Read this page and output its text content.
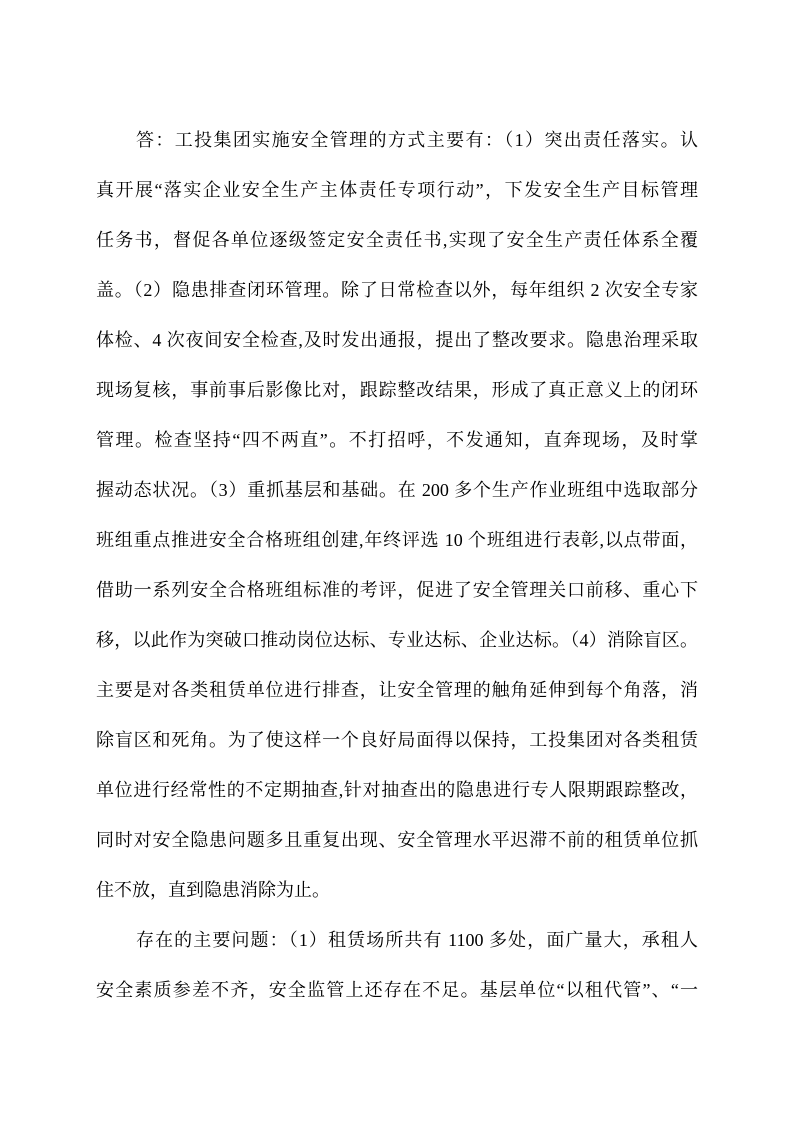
答：工投集团实施安全管理的方式主要有：（1）突出责任落实。认
真开展“落实企业安全生产主体责任专项行动”，下发安全生产目标管理
任务书，督促各单位逐级签定安全责任书,实现了安全生产责任体系全覆
盖。（2）隐患排查闭环管理。除了日常检查以外，每年组织 2 次安全专家
体检、4 次夜间安全检查,及时发出通报，提出了整改要求。隐患治理采取
现场复核，事前事后影像比对，跟踪整改结果，形成了真正意义上的闭环
管理。检查坚持“四不两直”。不打招呼，不发通知，直奔现场，及时掌
握动态状况。（3）重抓基层和基础。在 200 多个生产作业班组中选取部分
班组重点推进安全合格班组创建,年终评选 10 个班组进行表彰,以点带面，
借助一系列安全合格班组标准的考评，促进了安全管理关口前移、重心下
移，以此作为突破口推动岗位达标、专业达标、企业达标。（4）消除盲区。
主要是对各类租赁单位进行排查，让安全管理的触角延伸到每个角落，消
除盲区和死角。为了使这样一个良好局面得以保持，工投集团对各类租赁
单位进行经常性的不定期抽查,针对抽查出的隐患进行专人限期跟踪整改，
同时对安全隐患问题多且重复出现、安全管理水平迟滞不前的租赁单位抓
住不放，直到隐患消除为止。
存在的主要问题：（1）租赁场所共有 1100 多处，面广量大，承租人
安全素质参差不齐，安全监管上还存在不足。基层单位“以租代管”、“一
